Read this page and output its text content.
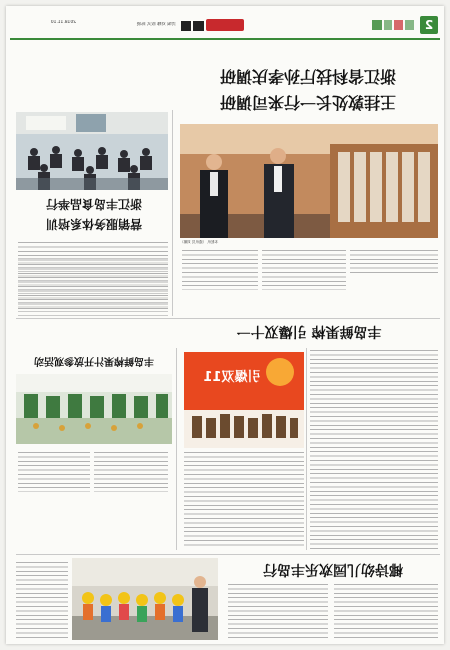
2
责编 刘娜 版式 陈晓
2018.11.10
浙江省科技厅孙孝庆调研
王挂敦处长一行来司调研
本报讯 （通讯员 刘娜）
浙江丰岛食品举行
营销服务体系培训
丰岛鲜果榨 引爆双十一
引爆双11
丰岛鲜榨果汁开放参观活动
椰诗幼儿园欢乐丰岛行
